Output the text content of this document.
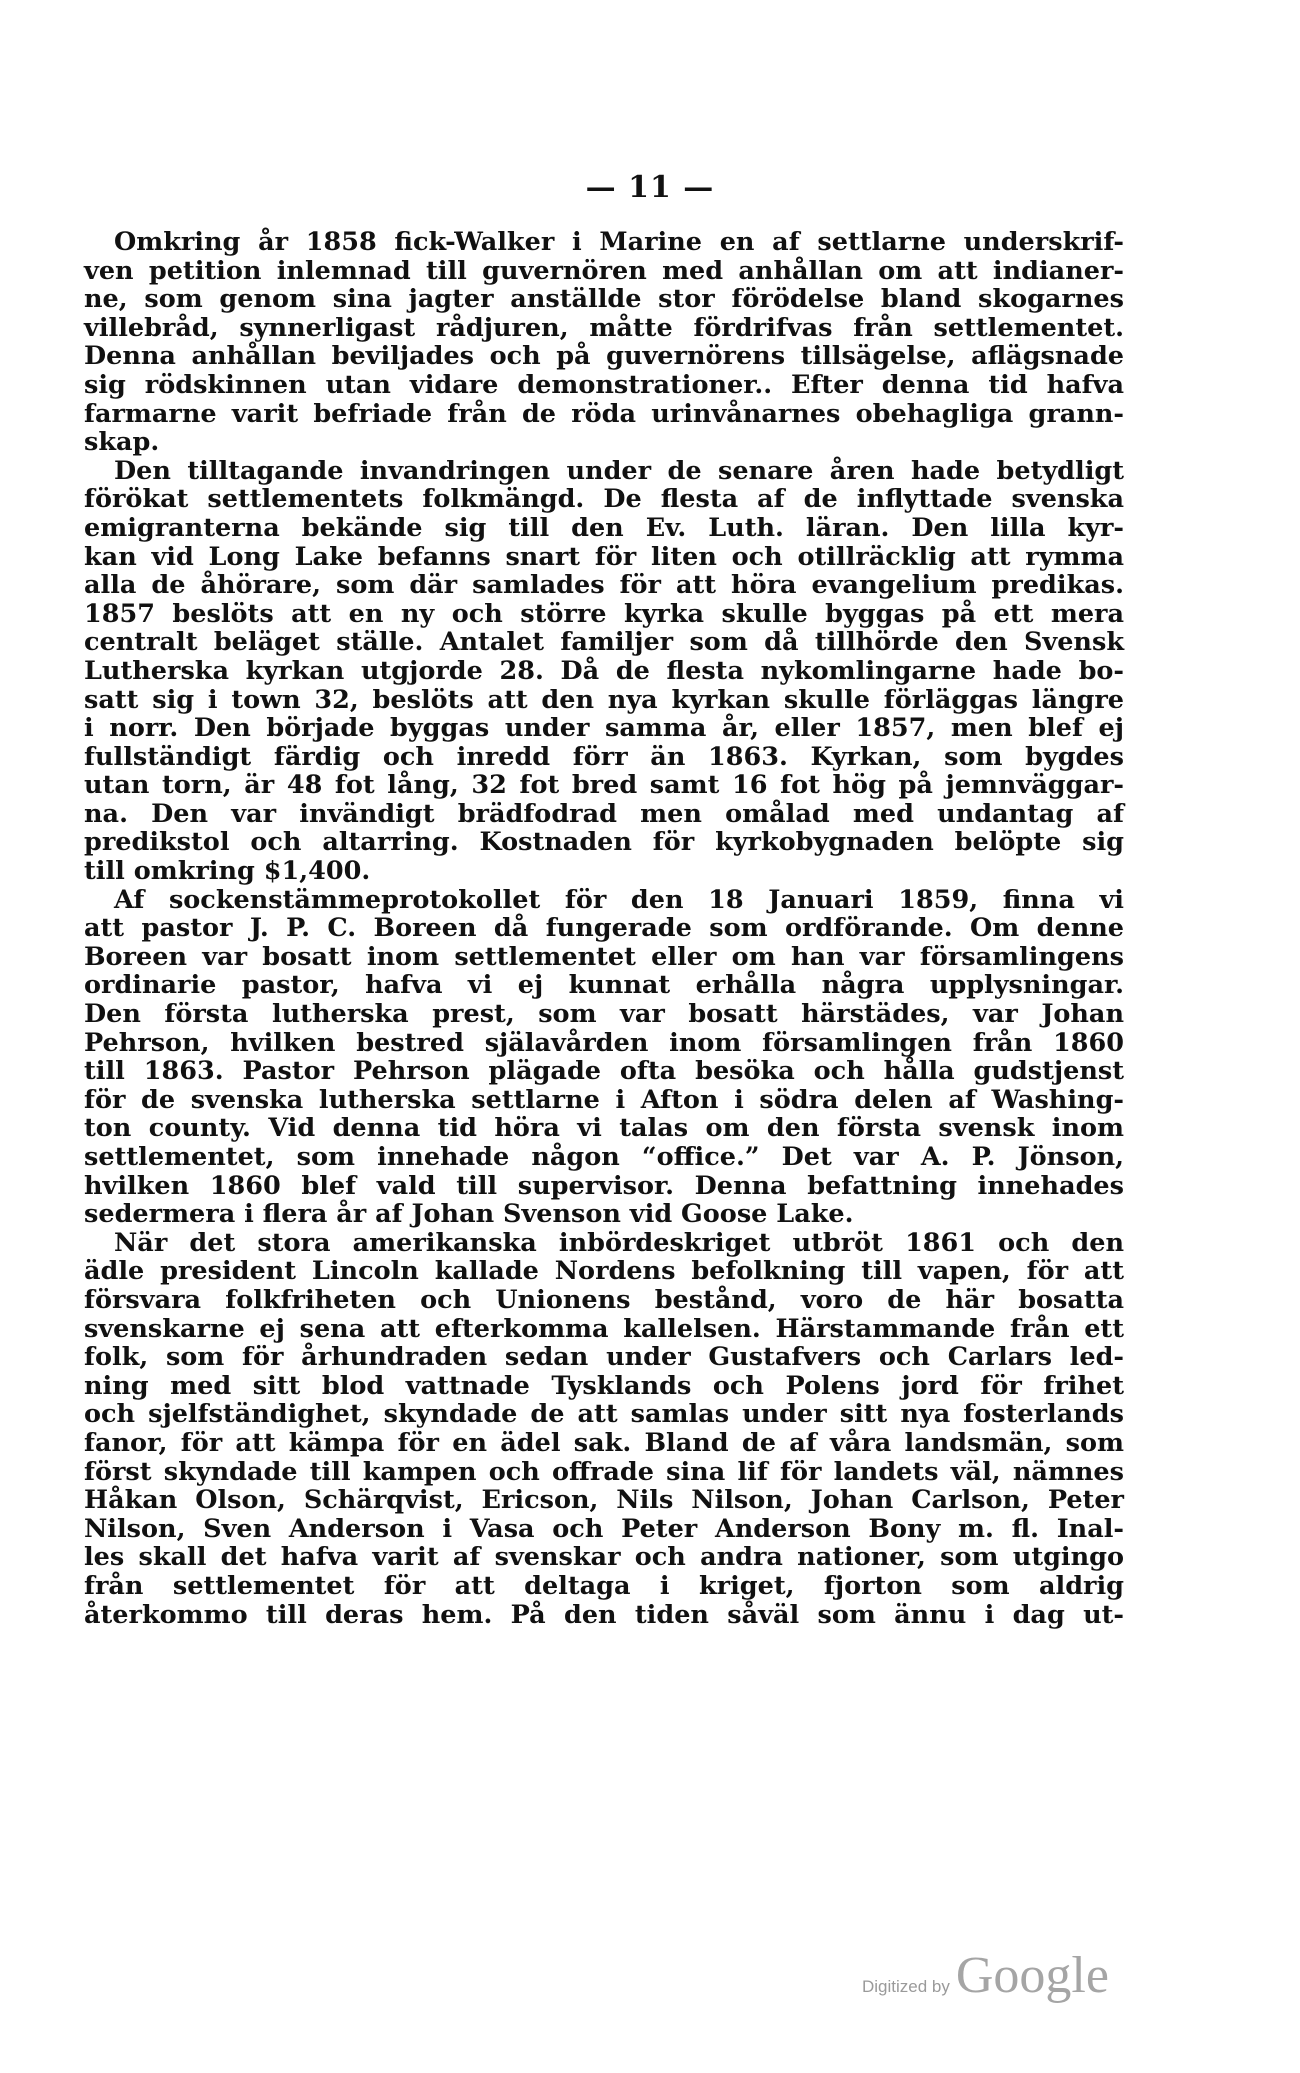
— 11 —
Omkring år 1858 fick-Walker i Marine en af settlarne underskrif-
ven petition inlemnad till guvernören med anhållan om att indianer-
ne, som genom sina jagter anställde stor förödelse bland skogarnes
villebråd, synnerligast rådjuren, måtte fördrifvas från settlementet.
Denna anhållan beviljades och på guvernörens tillsägelse, aflägsnade
sig rödskinnen utan vidare demonstrationer.. Efter denna tid hafva
farmarne varit befriade från de röda urinvånarnes obehagliga grann-
skap.
Den tilltagande invandringen under de senare åren hade betydligt
förökat settlementets folkmängd. De flesta af de inflyttade svenska
emigranterna bekände sig till den Ev. Luth. läran. Den lilla kyr-
kan vid Long Lake befanns snart för liten och otillräcklig att rymma
alla de åhörare, som där samlades för att höra evangelium predikas.
1857 beslöts att en ny och större kyrka skulle byggas på ett mera
centralt beläget ställe. Antalet familjer som då tillhörde den Svensk
Lutherska kyrkan utgjorde 28. Då de flesta nykomlingarne hade bo-
satt sig i town 32, beslöts att den nya kyrkan skulle förläggas längre
i norr. Den började byggas under samma år, eller 1857, men blef ej
fullständigt färdig och inredd förr än 1863. Kyrkan, som bygdes
utan torn, är 48 fot lång, 32 fot bred samt 16 fot hög på jemnväggar-
na. Den var invändigt brädfodrad men omålad med undantag af
predikstol och altarring. Kostnaden för kyrkobygnaden belöpte sig
till omkring $1,400.
Af sockenstämmeprotokollet för den 18 Januari 1859, finna vi
att pastor J. P. C. Boreen då fungerade som ordförande. Om denne
Boreen var bosatt inom settlementet eller om han var församlingens
ordinarie pastor, hafva vi ej kunnat erhålla några upplysningar.
Den första lutherska prest, som var bosatt härstädes, var Johan
Pehrson, hvilken bestred själavården inom församlingen från 1860
till 1863. Pastor Pehrson plägade ofta besöka och hålla gudstjenst
för de svenska lutherska settlarne i Afton i södra delen af Washing-
ton county. Vid denna tid höra vi talas om den första svensk inom
settlementet, som innehade någon “office.” Det var A. P. Jönson,
hvilken 1860 blef vald till supervisor. Denna befattning innehades
sedermera i flera år af Johan Svenson vid Goose Lake.
När det stora amerikanska inbördeskriget utbröt 1861 och den
ädle president Lincoln kallade Nordens befolkning till vapen, för att
försvara folkfriheten och Unionens bestånd, voro de här bosatta
svenskarne ej sena att efterkomma kallelsen. Härstammande från ett
folk, som för århundraden sedan under Gustafvers och Carlars led-
ning med sitt blod vattnade Tysklands och Polens jord för frihet
och sjelfständighet, skyndade de att samlas under sitt nya fosterlands
fanor, för att kämpa för en ädel sak. Bland de af våra landsmän, som
först skyndade till kampen och offrade sina lif för landets väl, nämnes
Håkan Olson, Schärqvist, Ericson, Nils Nilson, Johan Carlson, Peter
Nilson, Sven Anderson i Vasa och Peter Anderson Bony m. fl. Inal-
les skall det hafva varit af svenskar och andra nationer, som utgingo
från settlementet för att deltaga i kriget, fjorton som aldrig
återkommo till deras hem. På den tiden såväl som ännu i dag ut-
Digitized by Google
